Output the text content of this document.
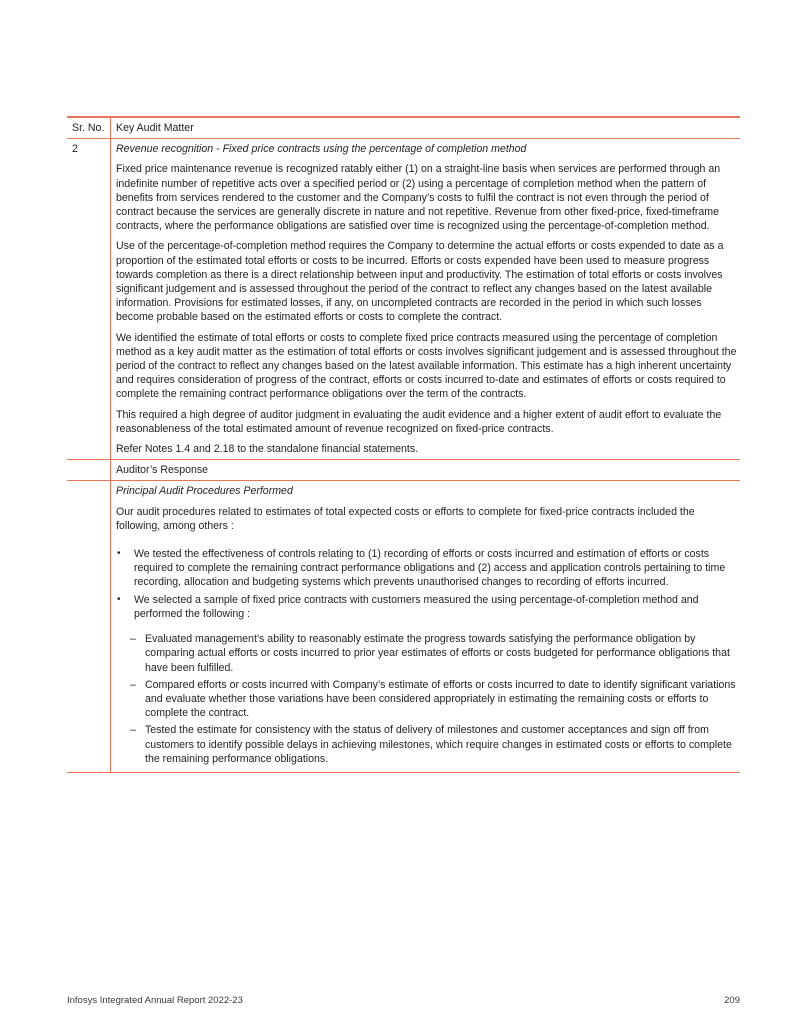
Sr. No.	Key Audit Matter
2	Revenue recognition - Fixed price contracts using the percentage of completion method

Fixed price maintenance revenue is recognized ratably either (1) on a straight-line basis when services are performed through an indefinite number of repetitive acts over a specified period or (2) using a percentage of completion method when the pattern of benefits from services rendered to the customer and the Company’s costs to fulfil the contract is not even through the period of contract because the services are generally discrete in nature and not repetitive. Revenue from other fixed-price, fixed-timeframe contracts, where the performance obligations are satisfied over time is recognized using the percentage-of-completion method.

Use of the percentage-of-completion method requires the Company to determine the actual efforts or costs expended to date as a proportion of the estimated total efforts or costs to be incurred. Efforts or costs expended have been used to measure progress towards completion as there is a direct relationship between input and productivity. The estimation of total efforts or costs involves significant judgement and is assessed throughout the period of the contract to reflect any changes based on the latest available information. Provisions for estimated losses, if any, on uncompleted contracts are recorded in the period in which such losses become probable based on the estimated efforts or costs to complete the contract.

We identified the estimate of total efforts or costs to complete fixed price contracts measured using the percentage of completion method as a key audit matter as the estimation of total efforts or costs involves significant judgement and is assessed throughout the period of the contract to reflect any changes based on the latest available information. This estimate has a high inherent uncertainty and requires consideration of progress of the contract, efforts or costs incurred to-date and estimates of efforts or costs required to complete the remaining contract performance obligations over the term of the contracts.

This required a high degree of auditor judgment in evaluating the audit evidence and a higher extent of audit effort to evaluate the reasonableness of the total estimated amount of revenue recognized on fixed-price contracts.

Refer Notes 1.4 and 2.18 to the standalone financial statements.

Auditor’s Response

Principal Audit Procedures Performed

Our audit procedures related to estimates of total expected costs or efforts to complete for fixed-price contracts included the following, among others :

• We tested the effectiveness of controls relating to (1) recording of efforts or costs incurred and estimation of efforts or costs required to complete the remaining contract performance obligations and (2) access and application controls pertaining to time recording, allocation and budgeting systems which prevents unauthorised changes to recording of efforts incurred.
• We selected a sample of fixed price contracts with customers measured the using percentage-of-completion method and performed the following :
– Evaluated management’s ability to reasonably estimate the progress towards satisfying the performance obligation by comparing actual efforts or costs incurred to prior year estimates of efforts or costs budgeted for performance obligations that have been fulfilled.
– Compared efforts or costs incurred with Company’s estimate of efforts or costs incurred to date to identify significant variations and evaluate whether those variations have been considered appropriately in estimating the remaining costs or efforts to complete the contract.
– Tested the estimate for consistency with the status of delivery of milestones and customer acceptances and sign off from customers to identify possible delays in achieving milestones, which require changes in estimated costs or efforts to complete the remaining performance obligations.
Infosys Integrated Annual Report 2022-23	209
